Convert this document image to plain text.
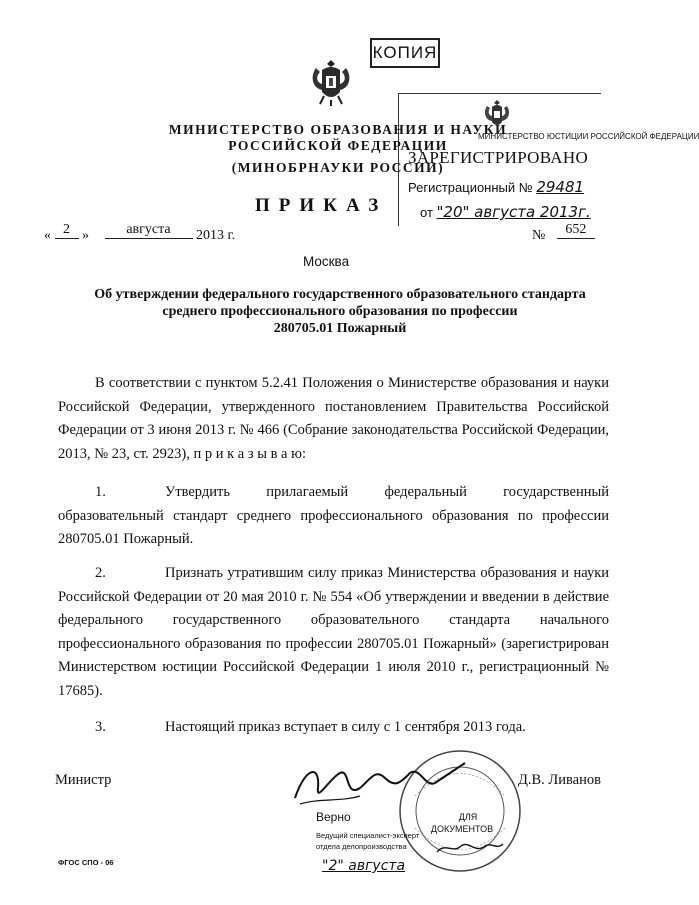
КОПИЯ
МИНИСТЕРСТВО ЮСТИЦИИ РОССИЙСКОЙ ФЕДЕРАЦИИ
ЗАРЕГИСТРИРОВАНО
Регистрационный № 29481
от "20" августа 2013г.
МИНИСТЕРСТВО ОБРАЗОВАНИЯ И НАУКИ
РОССИЙСКОЙ ФЕДЕРАЦИИ
(МИНОБРНАУКИ РОССИИ)
ПРИКАЗ
« 2 »	августа 2013 г.	№ 652
Москва
Об утверждении федерального государственного образовательного стандарта
среднего профессионального образования по профессии
280705.01 Пожарный
В соответствии с пунктом 5.2.41 Положения о Министерстве образования и науки Российской Федерации, утвержденного постановлением Правительства Российской Федерации от 3 июня 2013 г. № 466 (Собрание законодательства Российской Федерации, 2013, № 23, ст. 2923), п р и к а з ы в а ю:
1.	Утвердить прилагаемый федеральный государственный образовательный стандарт среднего профессионального образования по профессии 280705.01 Пожарный.
2.	Признать утратившим силу приказ Министерства образования и науки Российской Федерации от 20 мая 2010 г. № 554 «Об утверждении и введении в действие федерального государственного образовательного стандарта начального профессионального образования по профессии 280705.01 Пожарный» (зарегистрирован Министерством юстиции Российской Федерации 1 июля 2010 г., регистрационный № 17685).
3.	Настоящий приказ вступает в силу с 1 сентября 2013 года.
ДЛЯ
ДОКУМЕНТОВ
Министр	Д.В. Ливанов
Верно
Ведущий специалист-эксперт
отдела делопроизводства
"2" августа
ФГОС СПО - 06
